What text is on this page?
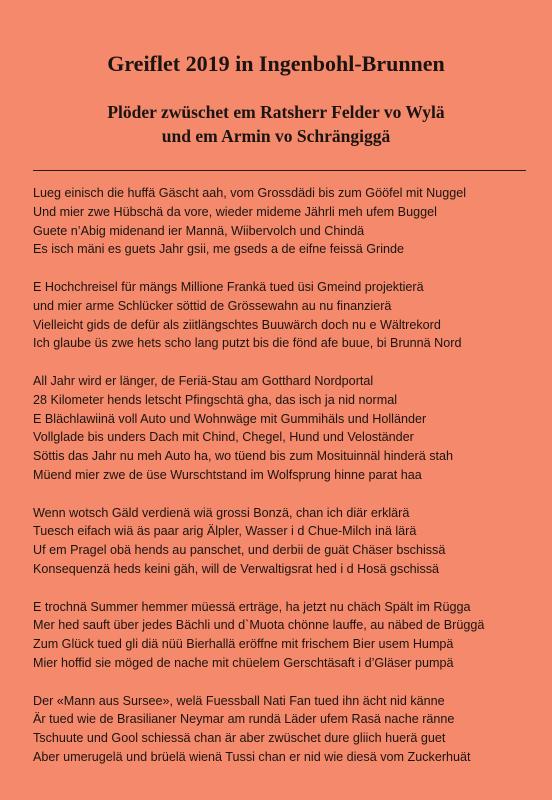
Greiflet 2019 in Ingenbohl-Brunnen
Plöder zwüschet em Ratsherr Felder vo Wylä
und em Armin vo Schrängiggä
Lueg einisch die huffä Gäscht aah, vom Grossdädi bis zum Gööfel mit Nuggel
Und mier zwe Hübschä da vore, wieder mideme Jährli meh ufem Buggel
Guete n’Abig midenand ier Mannä, Wiibervolch und Chindä
Es isch mäni es guets Jahr gsii, me gseds a de eifne feissä Grinde
E Hochchreisel für mängs Millione Frankä tued üsi Gmeind projektierä
und mier arme Schlücker söttid de Grössewahn au nu finanzierä
Vielleicht gids de defür als ziitlängschtes Buuwärch doch nu e Wältrekord
Ich glaube üs zwe hets scho lang putzt bis die fönd afe buue, bi Brunnä Nord
All Jahr wird er länger, de Feriä-Stau am Gotthard Nordportal
28 Kilometer hends letscht Pfingschtä gha, das isch ja nid normal
E Blächlawiinä voll Auto und Wohnwäge mit Gummihäls und Holländer
Vollglade bis unders Dach mit Chind, Chegel, Hund und Veloständer
Söttis das Jahr nu meh Auto ha, wo tüend bis zum Mosituinnäl hinderä stah
Müend mier zwe de üse Wurschtstand im Wolfsprung hinne parat haa
Wenn wotsch Gäld verdienä wiä grossi Bonzä, chan ich diär erklärä
Tuesch eifach wiä äs paar arig Älpler, Wasser i d Chue-Milch inä lärä
Uf em Pragel obä hends au panschet, und derbii de guät Chäser bschissä
Konsequenzä heds keini gäh, will de Verwaltigsrat hed i d Hosä gschissä
E trochnä Summer hemmer müessä erträge, ha jetzt nu chäch Spält im Rügga
Mer hed sauft über jedes Bächli und d`Muota chönne lauffe, au näbed de Brüggä
Zum Glück tued gli diä nüü Bierhallä eröffne mit frischem Bier usem Humpä
Mier hoffid sie möged de nache mit chüelem Gerschtäsaft i d’Gläser pumpä
Der «Mann aus Sursee», welä Fuessball Nati Fan tued ihn ächt nid känne
Är tued wie de Brasilianer Neymar am rundä Läder ufem Rasä nache ränne
Tschuute und Gool schiessä chan är aber zwüschet dure gliich huerä guet
Aber umerugelä und brüelä wienä Tussi chan er nid wie diesä vom Zuckerhuät
